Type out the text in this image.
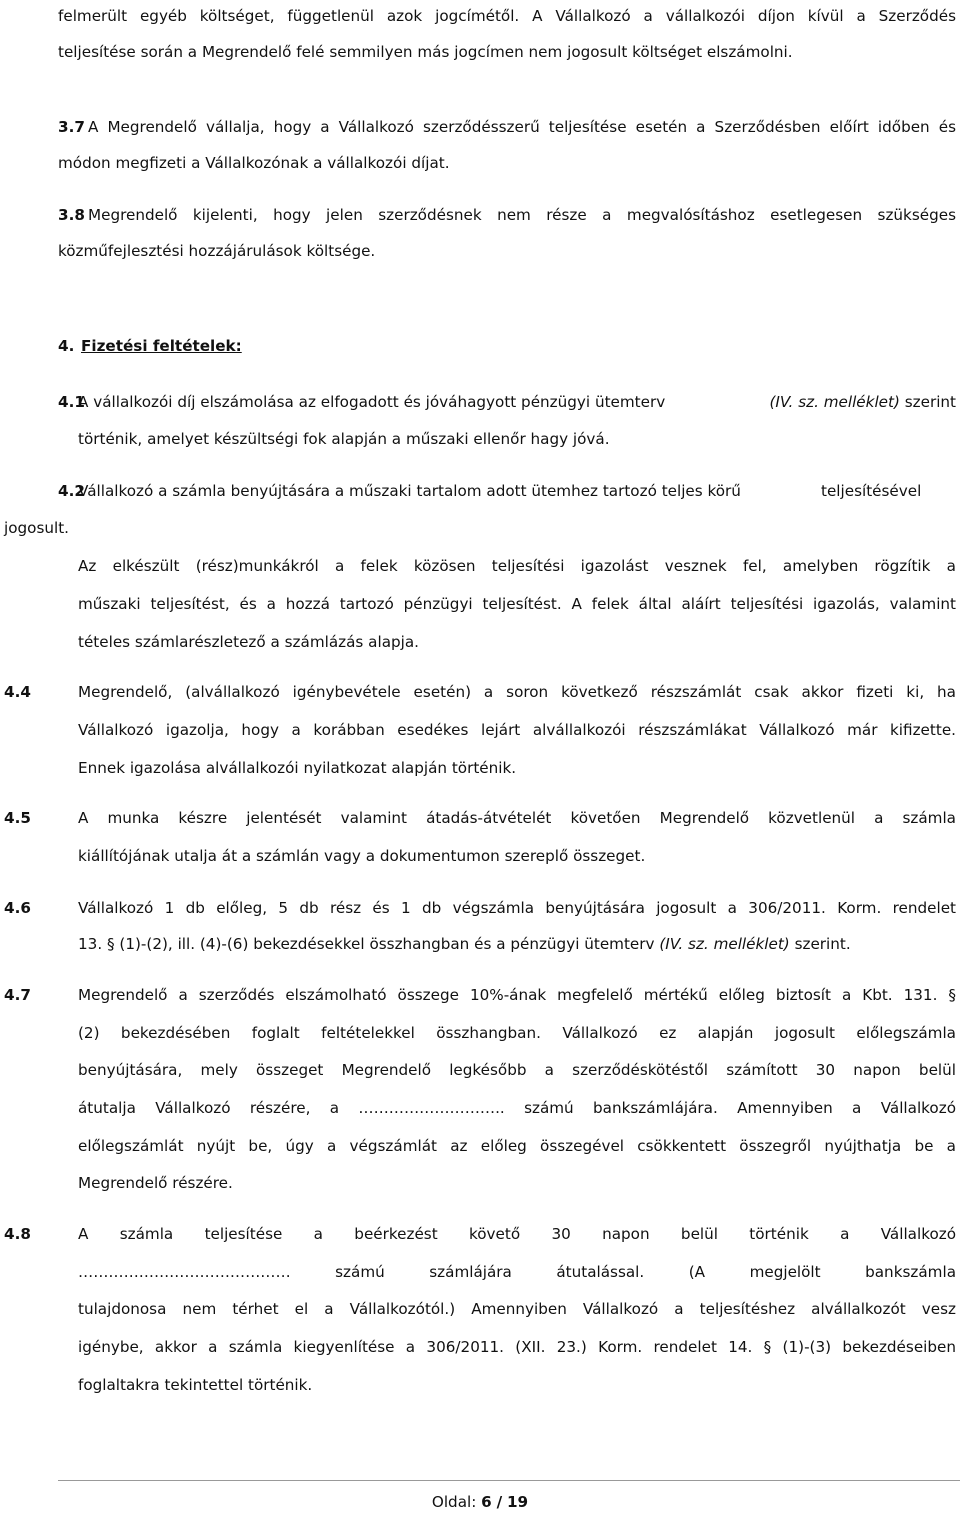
felmerült egyéb költséget, függetlenül azok jogcímétől. A Vállalkozó a vállalkozói díjon kívül a Szerződés
teljesítése során a Megrendelő felé semmilyen más jogcímen nem jogosult költséget elszámolni.
3.7 A Megrendelő vállalja, hogy a Vállalkozó szerződésszerű teljesítése esetén a Szerződésben előírt időben és
módon megfizeti a Vállalkozónak a vállalkozói díjat.
3.8 Megrendelő kijelenti, hogy jelen szerződésnek nem része a megvalósításhoz esetlegesen szükséges
közműfejlesztési hozzájárulások költsége.
4. Fizetési feltételek:
4.1
A vállalkozói díj elszámolása az elfogadott és jóváhagyott pénzügyi ütemterv	(IV. sz. melléklet) szerint
történik, amelyet készültségi fok alapján a műszaki ellenőr hagy jóvá.
4.2
Vállalkozó a számla benyújtására a műszaki tartalom adott ütemhez tartozó teljes körű	teljesítésével
jogosult.
Az elkészült (rész)munkákról a felek közösen teljesítési igazolást vesznek fel, amelyben rögzítik a
műszaki teljesítést, és a hozzá tartozó pénzügyi teljesítést. A felek által aláírt teljesítési igazolás, valamint
tételes számlarészletező a számlázás alapja.
4.4	Megrendelő, (alvállalkozó igénybevétele esetén) a soron következő részszámlát csak akkor fizeti ki, ha
Vállalkozó igazolja, hogy a korábban esedékes lejárt alvállalkozói részszámlákat Vállalkozó már kifizette.
Ennek igazolása alvállalkozói nyilatkozat alapján történik.
4.5	A munka készre jelentését valamint átadás-átvételét követően Megrendelő közvetlenül a számla
kiállítójának utalja át a számlán vagy a dokumentumon szereplő összeget.
4.6	Vállalkozó 1 db előleg, 5 db rész és 1 db végszámla benyújtására jogosult a 306/2011. Korm. rendelet
13. § (1)-(2), ill. (4)-(6) bekezdésekkel összhangban és a pénzügyi ütemterv (IV. sz. melléklet) szerint.
4.7	Megrendelő a szerződés elszámolható összege 10%-ának megfelelő mértékű előleg biztosít a Kbt. 131. §
(2) bekezdésében foglalt feltételekkel összhangban. Vállalkozó ez alapján jogosult előlegszámla
benyújtására, mely összeget Megrendelő legkésőbb a szerződéskötéstől számított 30 napon belül
átutalja Vállalkozó részére, a ……………………….. számú bankszámlájára. Amennyiben a Vállalkozó
előlegszámlát nyújt be, úgy a végszámlát az előleg összegével csökkentett összegről nyújthatja be a
Megrendelő részére.
4.8	A számla teljesítése a beérkezést követő 30 napon belül történik a Vállalkozó
…………………………………… számú számlájára átutalással. (A megjelölt bankszámla
tulajdonosa nem térhet el a Vállalkozótól.) Amennyiben Vállalkozó a teljesítéshez alvállalkozót vesz
igénybe, akkor a számla kiegyenlítése a 306/2011. (XII. 23.) Korm. rendelet 14. § (1)-(3) bekezdéseiben
foglaltakra tekintettel történik.
Oldal: 6 / 19
